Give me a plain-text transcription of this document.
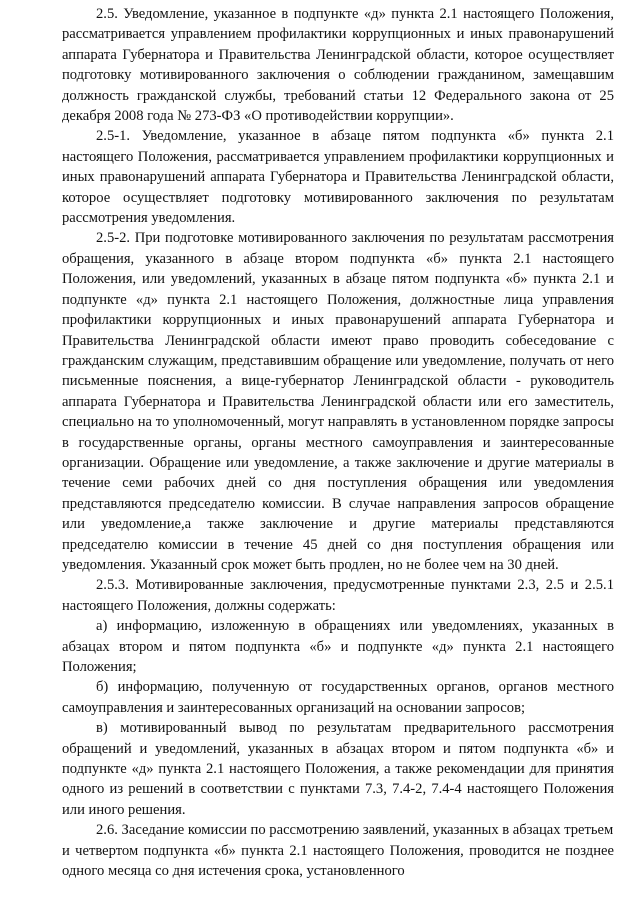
2.5. Уведомление, указанное в подпункте «д» пункта 2.1 настоящего Положения, рассматривается управлением профилактики коррупционных и иных правонарушений аппарата Губернатора и Правительства Ленинградской области, которое осуществляет подготовку мотивированного заключения о соблюдении гражданином, замещавшим должность гражданской службы, требований статьи 12 Федерального закона от 25 декабря 2008 года № 273-ФЗ «О противодействии коррупции».

2.5-1. Уведомление, указанное в абзаце пятом подпункта «б» пункта 2.1 настоящего Положения, рассматривается управлением профилактики коррупционных и иных правонарушений аппарата Губернатора и Правительства Ленинградской области, которое осуществляет подготовку мотивированного заключения по результатам рассмотрения уведомления.

2.5-2. При подготовке мотивированного заключения по результатам рассмотрения обращения, указанного в абзаце втором подпункта «б» пункта 2.1 настоящего Положения, или уведомлений, указанных в абзаце пятом подпункта «б» пункта 2.1 и подпункте «д» пункта 2.1 настоящего Положения, должностные лица управления профилактики коррупционных и иных правонарушений аппарата Губернатора и Правительства Ленинградской области имеют право проводить собеседование с гражданским служащим, представившим обращение или уведомление, получать от него письменные пояснения, а вице-губернатор Ленинградской области - руководитель аппарата Губернатора и Правительства Ленинградской области или его заместитель, специально на то уполномоченный, могут направлять в установленном порядке запросы в государственные органы, органы местного самоуправления и заинтересованные организации. Обращение или уведомление, а также заключение и другие материалы в течение семи рабочих дней со дня поступления обращения или уведомления представляются председателю комиссии. В случае направления запросов обращение или уведомление,а также заключение и другие материалы представляются председателю комиссии в течение 45 дней со дня поступления обращения или уведомления. Указанный срок может быть продлен, но не более чем на 30 дней.

2.5.3. Мотивированные заключения, предусмотренные пунктами 2.3, 2.5 и 2.5.1 настоящего Положения, должны содержать:

а) информацию, изложенную в обращениях или уведомлениях, указанных в абзацах втором и пятом подпункта «б» и подпункте «д» пункта 2.1 настоящего Положения;

б) информацию, полученную от государственных органов, органов местного самоуправления и заинтересованных организаций на основании запросов;

в) мотивированный вывод по результатам предварительного рассмотрения обращений и уведомлений, указанных в абзацах втором и пятом подпункта «б» и подпункте «д» пункта 2.1 настоящего Положения, а также рекомендации для принятия одного из решений в соответствии с пунктами 7.3, 7.4-2, 7.4-4 настоящего Положения или иного решения.

2.6. Заседание комиссии по рассмотрению заявлений, указанных в абзацах третьем

и четвертом подпункта «б» пункта 2.1 настоящего Положения, проводится не позднее одного месяца со дня истечения срока, установленного
